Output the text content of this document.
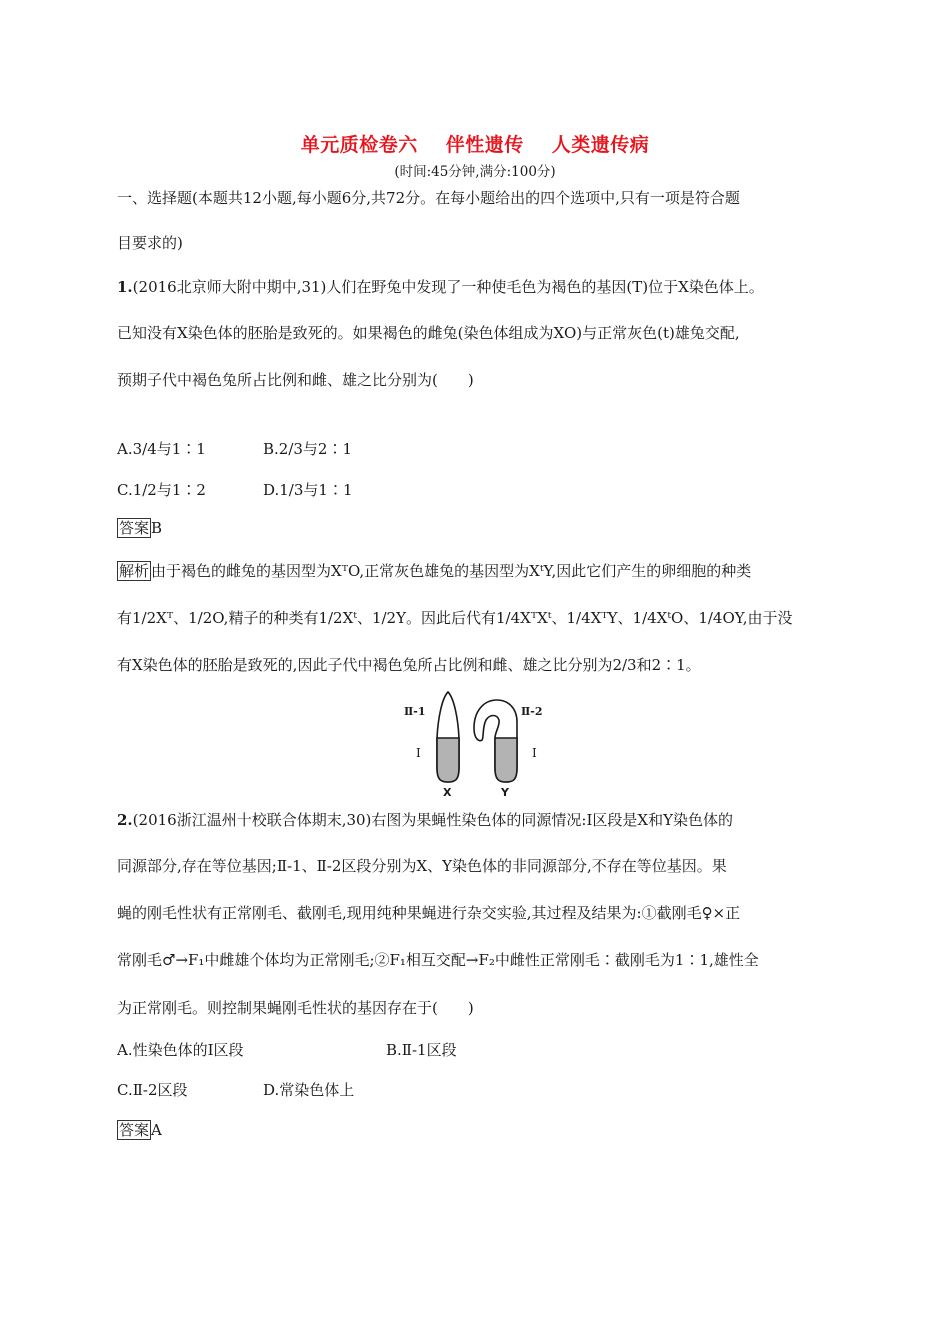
单元质检卷六 伴性遗传 人类遗传病
(时间:45分钟,满分:100分)
一、选择题(本题共12小题,每小题6分,共72分。在每小题给出的四个选项中,只有一项是符合题
目要求的)
1.(2016北京师大附中期中,31)人们在野兔中发现了一种使毛色为褐色的基因(T)位于X染色体上。
已知没有X染色体的胚胎是致死的。如果褐色的雌兔(染色体组成为XO)与正常灰色(t)雄兔交配,
预期子代中褐色兔所占比例和雌、雄之比分别为(　　)
A.3/4与1∶1	B.2/3与2∶1
C.1/2与1∶2	D.1/3与1∶1
答案 B
解析 由于褐色的雌兔的基因型为XᵀO,正常灰色雄兔的基因型为XᵗY,因此它们产生的卵细胞的种类
有1/2Xᵀ、1/2O,精子的种类有1/2Xᵗ、1/2Y。因此后代有1/4XᵀXᵗ、1/4XᵀY、1/4XᵗO、1/4OY,由于没
有X染色体的胚胎是致死的,因此子代中褐色兔所占比例和雌、雄之比分别为2/3和2∶1。
Ⅱ-1	Ⅱ-2
Ⅰ	Ⅰ
X	Y
2.(2016浙江温州十校联合体期末,30)右图为果蝇性染色体的同源情况:Ⅰ区段是X和Y染色体的
同源部分,存在等位基因;Ⅱ-1、Ⅱ-2区段分别为X、Y染色体的非同源部分,不存在等位基因。果
蝇的刚毛性状有正常刚毛、截刚毛,现用纯种果蝇进行杂交实验,其过程及结果为:①截刚毛♀×正
常刚毛♂→F₁中雌雄个体均为正常刚毛;②F₁相互交配→F₂中雌性正常刚毛∶截刚毛为1∶1,雄性全
为正常刚毛。则控制果蝇刚毛性状的基因存在于(　　)
A.性染色体的Ⅰ区段	B.Ⅱ-1区段
C.Ⅱ-2区段	D.常染色体上
答案 A
